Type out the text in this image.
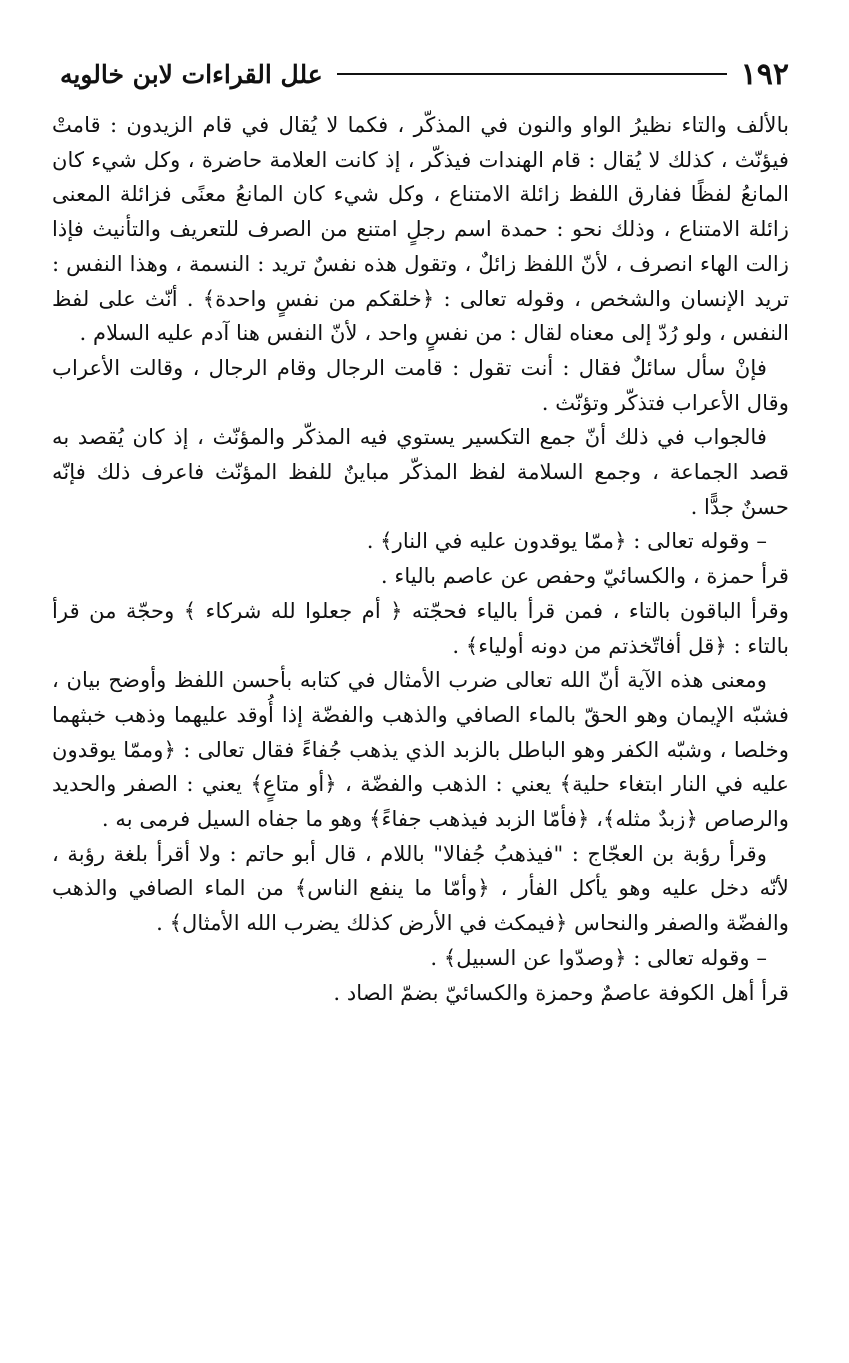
١٩٢
علل القراءات لابن خالويه

بالألف والتاء نظيرُ الواو والنون في المذكّر ، فكما لا يُقال في قام الزيدون : قامتْ فيؤنّث ، كذلك لا يُقال : قام الهندات فيذكّر ، إذ كانت العلامة حاضرة ، وكل شيء كان المانعُ لفظًا ففارق اللفظ زائلة الامتناع ، وكل شيء كان المانعُ معنًى فزائلة المعنى زائلة الامتناع ، وذلك نحو : حمدة اسم رجلٍ امتنع من الصرف للتعريف والتأنيث فإذا زالت الهاء انصرف ، لأنّ اللفظ زائلٌ ، وتقول هذه نفسٌ تريد : النسمة ، وهذا النفس : تريد الإنسان والشخص ، وقوله تعالى : ﴿خلقكم من نفسٍ واحدة﴾ . أنّث على لفظ النفس ، ولو رُدّ إلى معناه لقال : من نفسٍ واحد ، لأنّ النفس هنا آدم عليه السلام .

فإنْ سأل سائلٌ فقال : أنت تقول : قامت الرجال وقام الرجال ، وقالت الأعراب وقال الأعراب فتذكّر وتؤنّث .

فالجواب في ذلك أنّ جمع التكسير يستوي فيه المذكّر والمؤنّث ، إذ كان يُقصد به قصد الجماعة ، وجمع السلامة لفظ المذكّر مباينٌ للفظ المؤنّث فاعرف ذلك فإنّه حسنٌ جدًّا .

– وقوله تعالى : ﴿ممّا يوقدون عليه في النار﴾ .

قرأ حمزة ، والكسائيّ وحفص عن عاصم بالياء .

وقرأ الباقون بالتاء ، فمن قرأ بالياء فحجّته ﴿ أم جعلوا لله شركاء ﴾ وحجّة من قرأ بالتاء : ﴿قل أفاتّخذتم من دونه أولياء﴾ .

ومعنى هذه الآية أنّ الله تعالى ضرب الأمثال في كتابه بأحسن اللفظ وأوضح بيان ، فشبّه الإيمان وهو الحقّ بالماء الصافي والذهب والفضّة إذا أُوقد عليهما وذهب خبثهما وخلصا ، وشبّه الكفر وهو الباطل بالزبد الذي يذهب جُفاءً فقال تعالى : ﴿وممّا يوقدون عليه في النار ابتغاء حلية﴾ يعني : الذهب والفضّة ، ﴿أو متاعٍ﴾ يعني : الصفر والحديد والرصاص ﴿زبدٌ مثله﴾، ﴿فأمّا الزبد فيذهب جفاءً﴾ وهو ما جفاه السيل فرمى به .

وقرأ رؤبة بن العجّاج : "فيذهبُ جُفالا" باللام ، قال أبو حاتم : ولا أقرأ بلغة رؤبة ، لأنّه دخل عليه وهو يأكل الفأر ، ﴿وأمّا ما ينفع الناس﴾ من الماء الصافي والذهب والفضّة والصفر والنحاس ﴿فيمكث في الأرض كذلك يضرب الله الأمثال﴾ .

– وقوله تعالى : ﴿وصدّوا عن السبيل﴾ .

قرأ أهل الكوفة عاصمٌ وحمزة والكسائيّ بضمّ الصاد .
